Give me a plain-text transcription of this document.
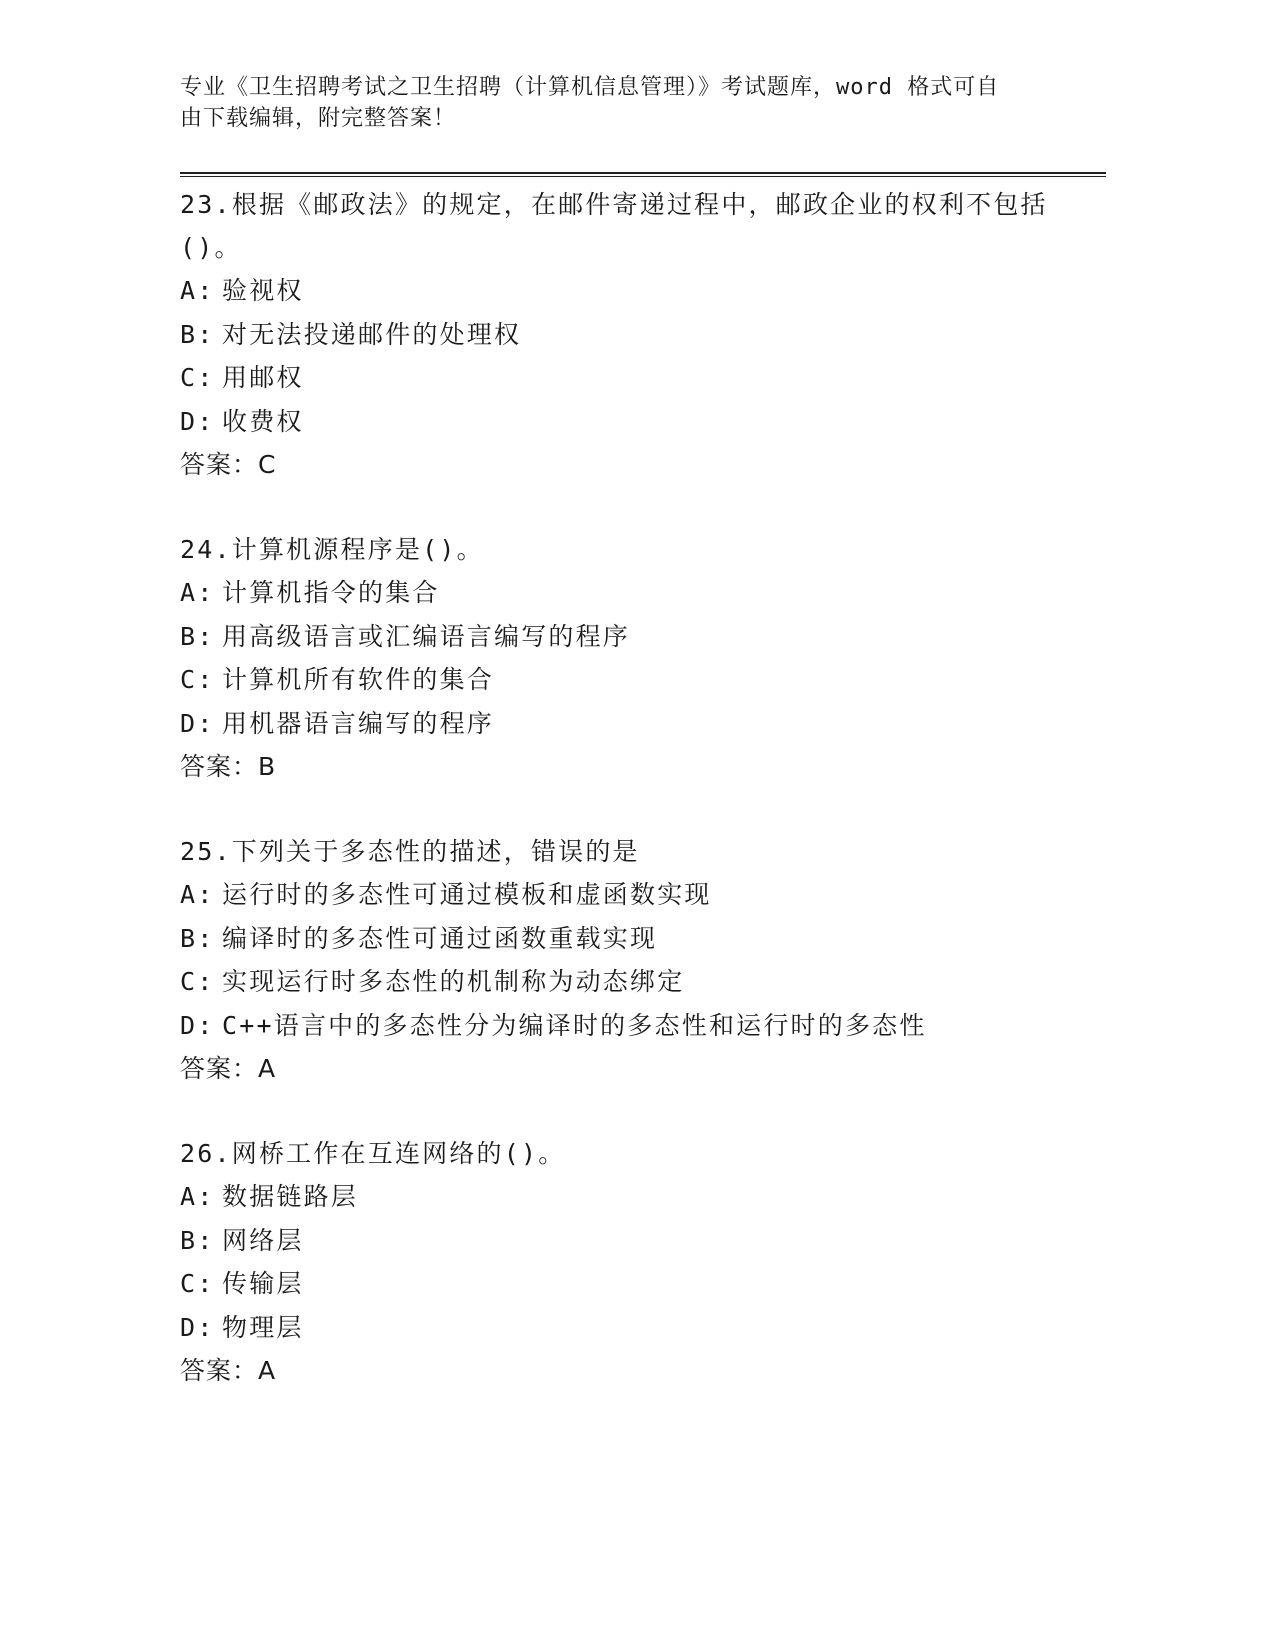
专业《卫生招聘考试之卫生招聘（计算机信息管理）》考试题库，word 格式可自

由下载编辑，附完整答案！

23.根据《邮政法》的规定，在邮件寄递过程中，邮政企业的权利不包括()。

A: 验视权

B: 对无法投递邮件的处理权

C: 用邮权

D: 收费权

答案：C

24.计算机源程序是()。

A: 计算机指令的集合

B: 用高级语言或汇编语言编写的程序

C: 计算机所有软件的集合

D: 用机器语言编写的程序

答案：B

25.下列关于多态性的描述，错误的是

A: 运行时的多态性可通过模板和虚函数实现

B: 编译时的多态性可通过函数重载实现

C: 实现运行时多态性的机制称为动态绑定

D: C++语言中的多态性分为编译时的多态性和运行时的多态性

答案：A

26.网桥工作在互连网络的()。

A: 数据链路层

B: 网络层

C: 传输层

D: 物理层

答案：A
